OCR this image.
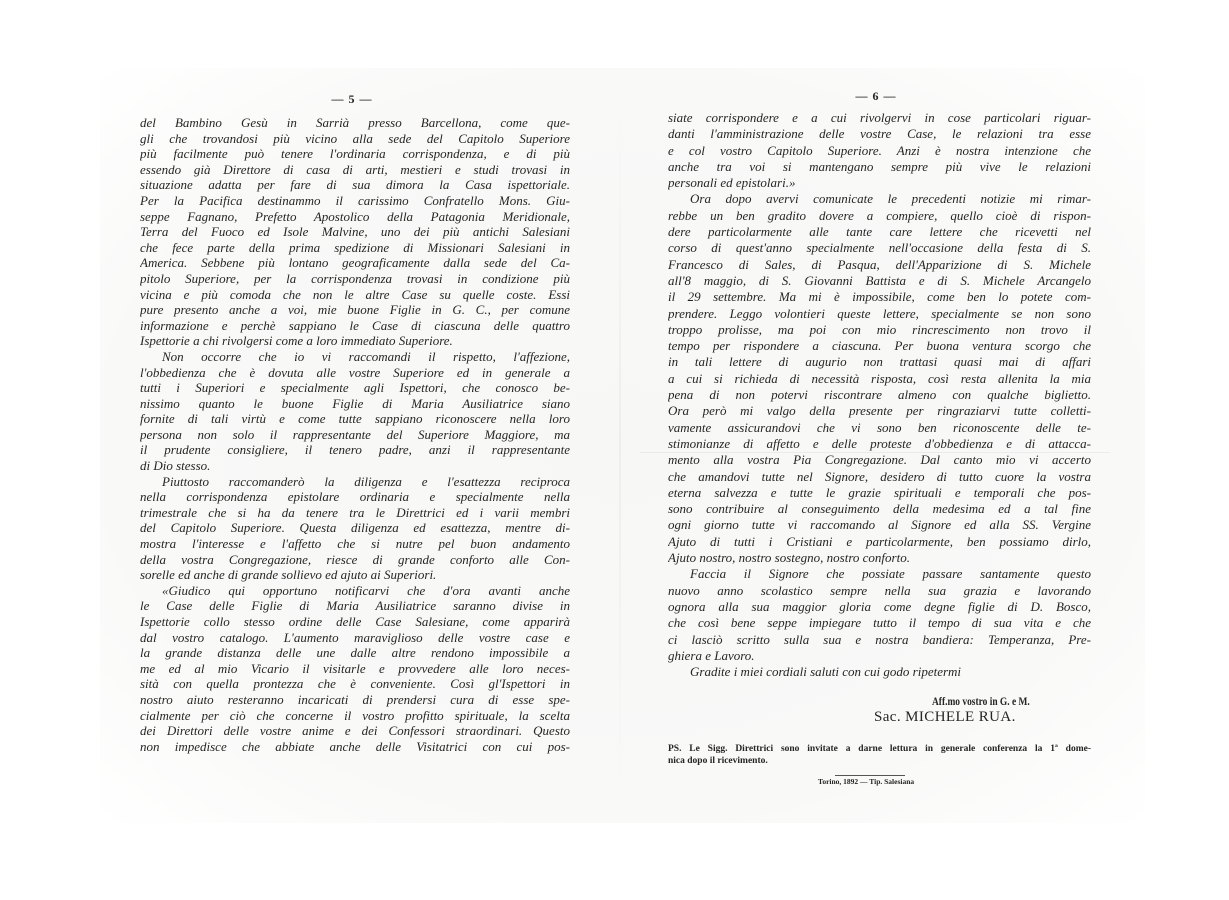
— 5 —
del Bambino Gesù in Sarrià presso Barcellona, come que-
gli che trovandosi più vicino alla sede del Capitolo Superiore
più facilmente può tenere l'ordinaria corrispondenza, e di più
essendo già Direttore di casa di arti, mestieri e studi trovasi in
situazione adatta per fare di sua dimora la Casa ispettoriale.
Per la Pacifica destinammo il carissimo Confratello Mons. Giu-
seppe Fagnano, Prefetto Apostolico della Patagonia Meridionale,
Terra del Fuoco ed Isole Malvine, uno dei più antichi Salesiani
che fece parte della prima spedizione di Missionari Salesiani in
America. Sebbene più lontano geograficamente dalla sede del Ca-
pitolo Superiore, per la corrispondenza trovasi in condizione più
vicina e più comoda che non le altre Case su quelle coste. Essi
pure presento anche a voi, mie buone Figlie in G. C., per comune
informazione e perchè sappiano le Case di ciascuna delle quattro
Ispettorie a chi rivolgersi come a loro immediato Superiore.
Non occorre che io vi raccomandi il rispetto, l'affezione,
l'obbedienza che è dovuta alle vostre Superiore ed in generale a
tutti i Superiori e specialmente agli Ispettori, che conosco be-
nissimo quanto le buone Figlie di Maria Ausiliatrice siano
fornite di tali virtù e come tutte sappiano riconoscere nella loro
persona non solo il rappresentante del Superiore Maggiore, ma
il prudente consigliere, il tenero padre, anzi il rappresentante
di Dio stesso.
Piuttosto raccomanderò la diligenza e l'esattezza reciproca
nella corrispondenza epistolare ordinaria e specialmente nella
trimestrale che si ha da tenere tra le Direttrici ed i varii membri
del Capitolo Superiore. Questa diligenza ed esattezza, mentre di-
mostra l'interesse e l'affetto che si nutre pel buon andamento
della vostra Congregazione, riesce di grande conforto alle Con-
sorelle ed anche di grande sollievo ed ajuto ai Superiori.
«Giudico qui opportuno notificarvi che d'ora avanti anche
le Case delle Figlie di Maria Ausiliatrice saranno divise in
Ispettorie collo stesso ordine delle Case Salesiane, come apparirà
dal vostro catalogo. L'aumento maraviglioso delle vostre case e
la grande distanza delle une dalle altre rendono impossibile a
me ed al mio Vicario il visitarle e provvedere alle loro neces-
sità con quella prontezza che è conveniente. Così gl'Ispettori in
nostro aiuto resteranno incaricati di prendersi cura di esse spe-
cialmente per ciò che concerne il vostro profitto spirituale, la scelta
dei Direttori delle vostre anime e dei Confessori straordinari. Questo
non impedisce che abbiate anche delle Visitatrici con cui pos-
— 6 —
siate corrispondere e a cui rivolgervi in cose particolari riguar-
danti l'amministrazione delle vostre Case, le relazioni tra esse
e col vostro Capitolo Superiore. Anzi è nostra intenzione che
anche tra voi si mantengano sempre più vive le relazioni
personali ed epistolari.»
Ora dopo avervi comunicate le precedenti notizie mi rimar-
rebbe un ben gradito dovere a compiere, quello cioè di rispon-
dere particolarmente alle tante care lettere che ricevetti nel
corso di quest'anno specialmente nell'occasione della festa di S.
Francesco di Sales, di Pasqua, dell'Apparizione di S. Michele
all'8 maggio, di S. Giovanni Battista e di S. Michele Arcangelo
il 29 settembre. Ma mi è impossibile, come ben lo potete com-
prendere. Leggo volontieri queste lettere, specialmente se non sono
troppo prolisse, ma poi con mio rincrescimento non trovo il
tempo per rispondere a ciascuna. Per buona ventura scorgo che
in tali lettere di augurio non trattasi quasi mai di affari
a cui si richieda di necessità risposta, così resta allenita la mia
pena di non potervi riscontrare almeno con qualche biglietto.
Ora però mi valgo della presente per ringraziarvi tutte colletti-
vamente assicurandovi che vi sono ben riconoscente delle te-
stimonianze di affetto e delle proteste d'obbedienza e di attacca-
mento alla vostra Pia Congregazione. Dal canto mio vi accerto
che amandovi tutte nel Signore, desidero di tutto cuore la vostra
eterna salvezza e tutte le grazie spirituali e temporali che pos-
sono contribuire al conseguimento della medesima ed a tal fine
ogni giorno tutte vi raccomando al Signore ed alla SS. Vergine
Ajuto di tutti i Cristiani e particolarmente, ben possiamo dirlo,
Ajuto nostro, nostro sostegno, nostro conforto.
Faccia il Signore che possiate passare santamente questo
nuovo anno scolastico sempre nella sua grazia e lavorando
ognora alla sua maggior gloria come degne figlie di D. Bosco,
che così bene seppe impiegare tutto il tempo di sua vita e che
ci lasciò scritto sulla sua e nostra bandiera: Temperanza, Pre-
ghiera e Lavoro.
Gradite i miei cordiali saluti con cui godo ripetermi
Aff.mo vostro in G. e M.
Sac. MICHELE RUA.
PS. Le Sigg. Direttrici sono invitate a darne lettura in generale conferenza la 1ª dome-
nica dopo il ricevimento.
Torino, 1892 — Tip. Salesiana
